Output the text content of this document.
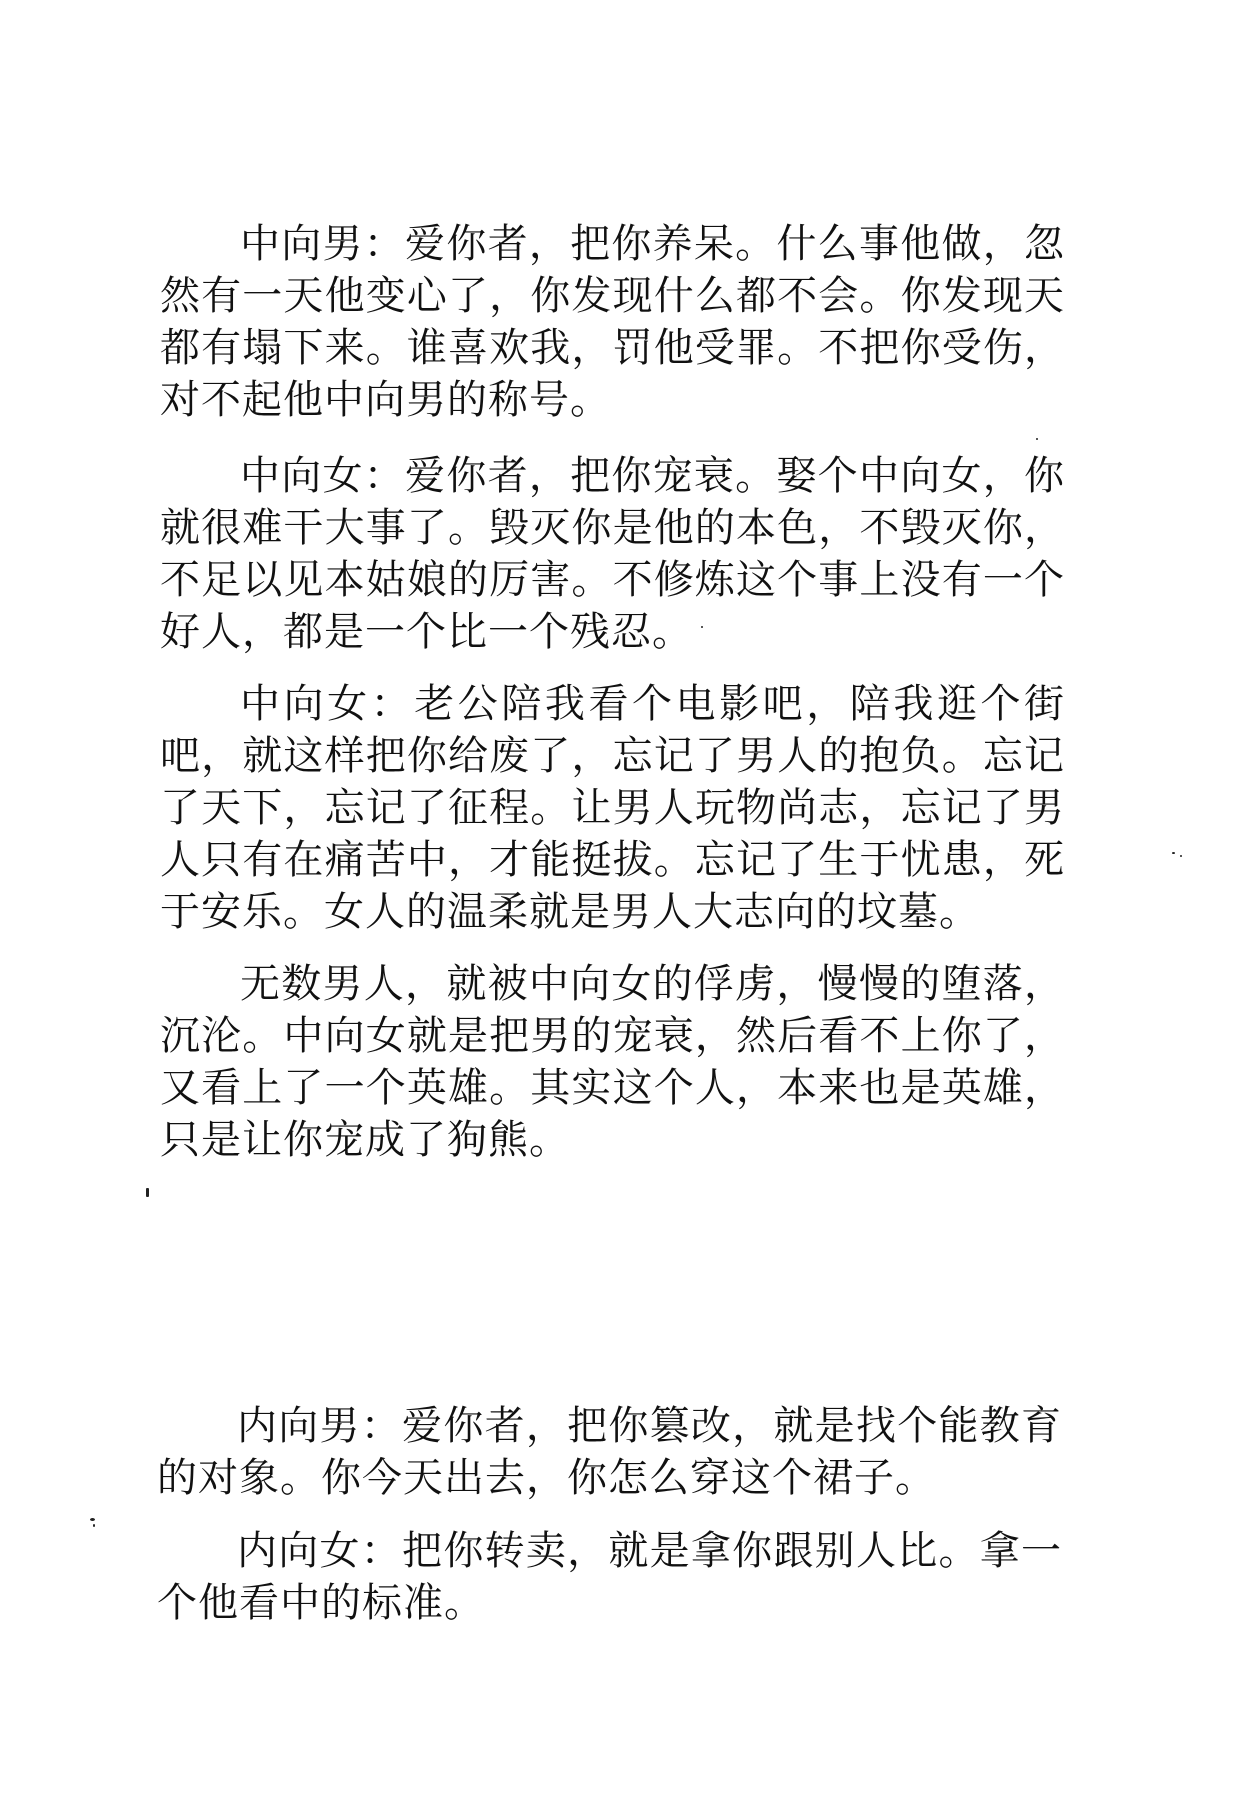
中向男：爱你者，把你养呆。什么事他做，忽然有一天他变心了，你发现什么都不会。你发现天都有塌下来。谁喜欢我，罚他受罪。不把你受伤，对不起他中向男的称号。

中向女：爱你者，把你宠衰。娶个中向女，你就很难干大事了。毁灭你是他的本色，不毁灭你，不足以见本姑娘的厉害。不修炼这个事上没有一个好人，都是一个比一个残忍。

中向女：老公陪我看个电影吧，陪我逛个街吧，就这样把你给废了，忘记了男人的抱负。忘记了天下，忘记了征程。让男人玩物尚志，忘记了男人只有在痛苦中，才能挺拔。忘记了生于忧患，死于安乐。女人的温柔就是男人大志向的坟墓。

无数男人，就被中向女的俘虏，慢慢的堕落，沉沦。中向女就是把男的宠衰，然后看不上你了，又看上了一个英雄。其实这个人，本来也是英雄，只是让你宠成了狗熊。

内向男：爱你者，把你篡改，就是找个能教育的对象。你今天出去，你怎么穿这个裙子。

内向女：把你转卖，就是拿你跟别人比。拿一个他看中的标准。
